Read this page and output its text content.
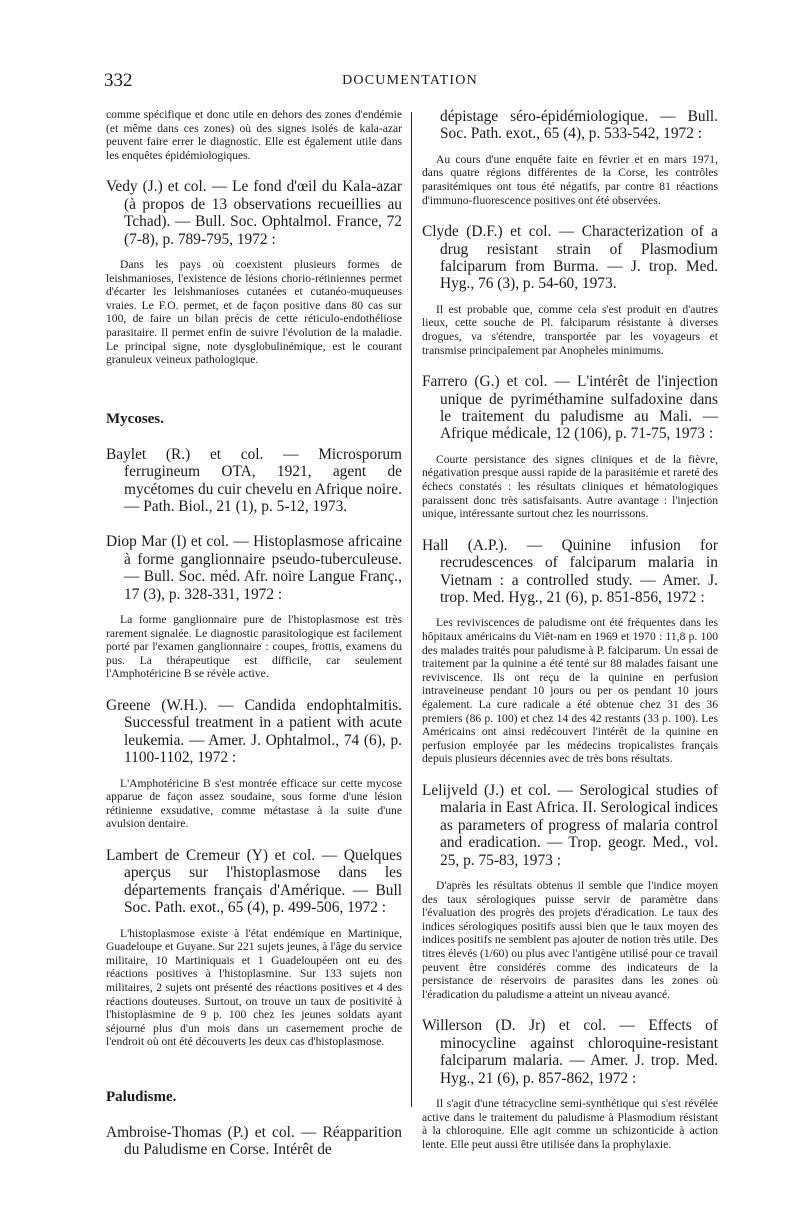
332	DOCUMENTATION

comme spécifique et donc utile en dehors des zones d'endémie (et même dans ces zones) où des signes isolés de kala-azar peuvent faire errer le diagnostic. Elle est également utile dans les enquêtes épidémiologiques.

Vedy (J.) et col. — Le fond d'œil du Kala-azar (à propos de 13 observations recueillies au Tchad). — Bull. Soc. Ophtalmol. France, 72 (7-8), p. 789-795, 1972 :

Dans les pays où coexistent plusieurs formes de leishmanioses, l'existence de lésions chorio-rétiniennes permet d'écarter les leishmanioses cutanées et cutanéo-muqueuses vraies. Le F.O. permet, et de façon positive dans 80 cas sur 100, de faire un bilan précis de cette réticulo-endothéliose parasitaire. Il permet enfin de suivre l'évolution de la maladie. Le principal signe, note dysglobulinémique, est le courant granuleux veineux pathologique.

Mycoses.

Baylet (R.) et col. — Microsporum ferrugineum OTA, 1921, agent de mycétomes du cuir chevelu en Afrique noire. — Path. Biol., 21 (1), p. 5-12, 1973.

Diop Mar (I) et col. — Histoplasmose africaine à forme ganglionnaire pseudo-tuberculeuse. — Bull. Soc. méd. Afr. noire Langue Franç., 17 (3), p. 328-331, 1972 :

La forme ganglionnaire pure de l'histoplasmose est très rarement signalée. Le diagnostic parasitologique est facilement porté par l'examen ganglionnaire : coupes, frottis, examens du pus. La thérapeutique est difficile, car seulement l'Amphotéricine B se révèle active.

Greene (W.H.). — Candida endophtalmitis. Successful treatment in a patient with acute leukemia. — Amer. J. Ophtalmol., 74 (6), p. 1100-1102, 1972 :

L'Amphotéricine B s'est montrée efficace sur cette mycose apparue de façon assez soudaine, sous forme d'une lésion rétinienne exsudative, comme métastase à la suite d'une avulsion dentaire.

Lambert de Cremeur (Y) et col. — Quelques aperçus sur l'histoplasmose dans les départements français d'Amérique. — Bull Soc. Path. exot., 65 (4), p. 499-506, 1972 :

L'histoplasmose existe à l'état endémique en Martinique, Guadeloupe et Guyane. Sur 221 sujets jeunes, à l'âge du service militaire, 10 Martiniquais et 1 Guadeloupéen ont eu des réactions positives à l'histoplasmine. Sur 133 sujets non militaires, 2 sujets ont présenté des réactions positives et 4 des réactions douteuses. Surtout, on trouve un taux de positivité à l'histoplasmine de 9 p. 100 chez les jeunes soldats ayant séjourné plus d'un mois dans un casernement proche de l'endroit où ont été découverts les deux cas d'histoplasmose.

Paludisme.

Ambroise-Thomas (P.) et col. — Réapparition du Paludisme en Corse. Intérêt de

dépistage séro-épidémiologique. — Bull. Soc. Path. exot., 65 (4), p. 533-542, 1972 :

Au cours d'une enquête faite en février et en mars 1971, dans quatre régions différentes de la Corse, les contrôles parasitémiques ont tous été négatifs, par contre 81 réactions d'immuno-fluorescence positives ont été observées.

Clyde (D.F.) et col. — Characterization of a drug resistant strain of Plasmodium falciparum from Burma. — J. trop. Med. Hyg., 76 (3), p. 54-60, 1973.

Il est probable que, comme cela s'est produit en d'autres lieux, cette souche de Pl. falciparum résistante à diverses drogues, va s'étendre, transportée par les voyageurs et transmise principalement par Anopheles minimums.

Farrero (G.) et col. — L'intérêt de l'injection unique de pyriméthamine sulfadoxine dans le traitement du paludisme au Mali. — Afrique médicale, 12 (106), p. 71-75, 1973 :

Courte persistance des signes cliniques et de la fièvre, négativation presque aussi rapide de la parasitémie et rareté des échecs constatés : les résultats cliniques et hématologiques paraissent donc très satisfaisants. Autre avantage : l'injection unique, intéressante surtout chez les nourrissons.

Hall (A.P.). — Quinine infusion for recrudescences of falciparum malaria in Vietnam : a controlled study. — Amer. J. trop. Med. Hyg., 21 (6), p. 851-856, 1972 :

Les reviviscences de paludisme ont été fréquentes dans les hôpitaux américains du Viêt-nam en 1969 et 1970 : 11,8 p. 100 des malades traités pour paludisme à P. falciparum. Un essai de traitement par la quinine a été tenté sur 88 malades faisant une reviviscence. Ils ont reçu de la quinine en perfusion intraveineuse pendant 10 jours ou per os pendant 10 jours également. La cure radicale a été obtenue chez 31 des 36 premiers (86 p. 100) et chez 14 des 42 restants (33 p. 100). Les Américains ont ainsi redécouvert l'intérêt de la quinine en perfusion employée par les médecins tropicalistes français depuis plusieurs décennies avec de très bons résultats.

Lelijveld (J.) et col. — Serological studies of malaria in East Africa. II. Serological indices as parameters of progress of malaria control and eradication. — Trop. geogr. Med., vol. 25, p. 75-83, 1973 :

D'après les résultats obtenus il semble que l'indice moyen des taux sérologiques puisse servir de paramètre dans l'évaluation des progrès des projets d'éradication. Le taux des indices sérologiques positifs aussi bien que le taux moyen des indices positifs ne semblent pas ajouter de notion très utile. Des titres élevés (1/60) ou plus avec l'antigène utilisé pour ce travail peuvent être considérés comme des indicateurs de la persistance de réservoirs de parasites dans les zones où l'éradication du paludisme a atteint un niveau avancé.

Willerson (D. Jr) et col. — Effects of minocycline against chloroquine-resistant falciparum malaria. — Amer. J. trop. Med. Hyg., 21 (6), p. 857-862, 1972 :

Il s'agit d'une tétracycline semi-synthétique qui s'est révélée active dans le traitement du paludisme à Plasmodium résistant à la chloroquine. Elle agit comme un schizonticide à action lente. Elle peut aussi être utilisée dans la prophylaxie.
